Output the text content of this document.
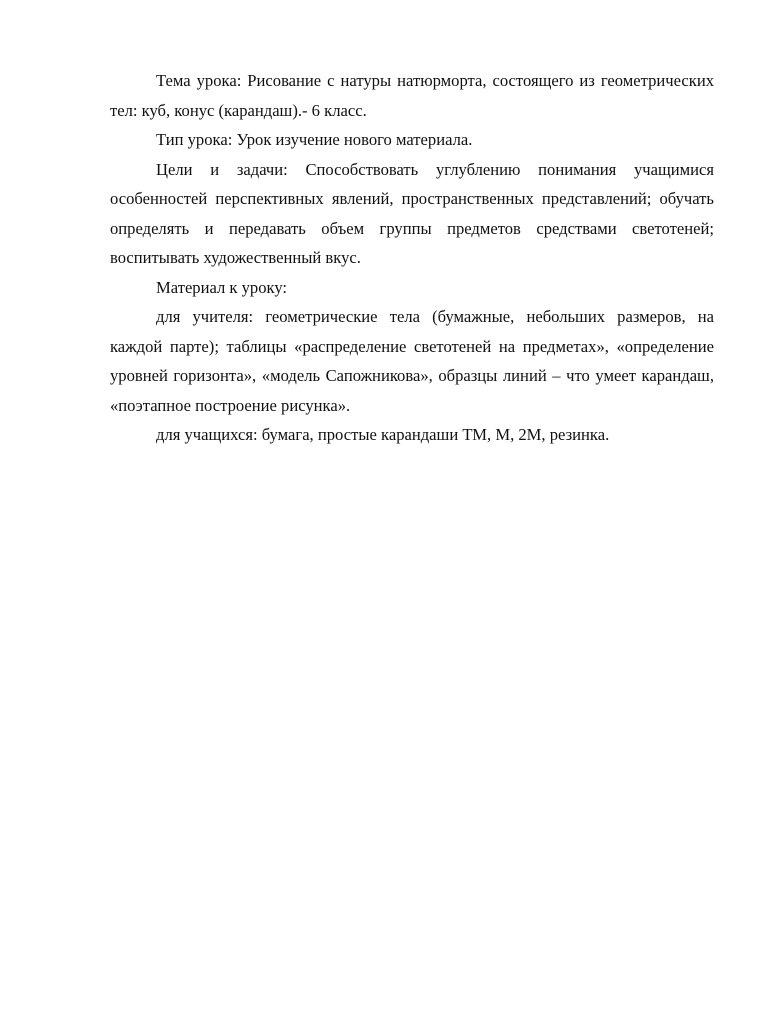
Тема урока: Рисование с натуры натюрморта, состоящего из геометрических тел: куб, конус (карандаш).- 6 класс.

Тип урока: Урок изучение нового материала.

Цели и задачи: Способствовать углублению понимания учащимися особенностей перспективных явлений, пространственных представлений; обучать определять и передавать объем группы предметов средствами светотеней; воспитывать художественный вкус.

Материал к уроку:

для учителя: геометрические тела (бумажные, небольших размеров, на каждой парте); таблицы «распределение светотеней на предметах», «определение уровней горизонта», «модель Сапожникова», образцы линий – что умеет карандаш, «поэтапное построение рисунка».

для учащихся: бумага, простые карандаши ТМ, М, 2М, резинка.
